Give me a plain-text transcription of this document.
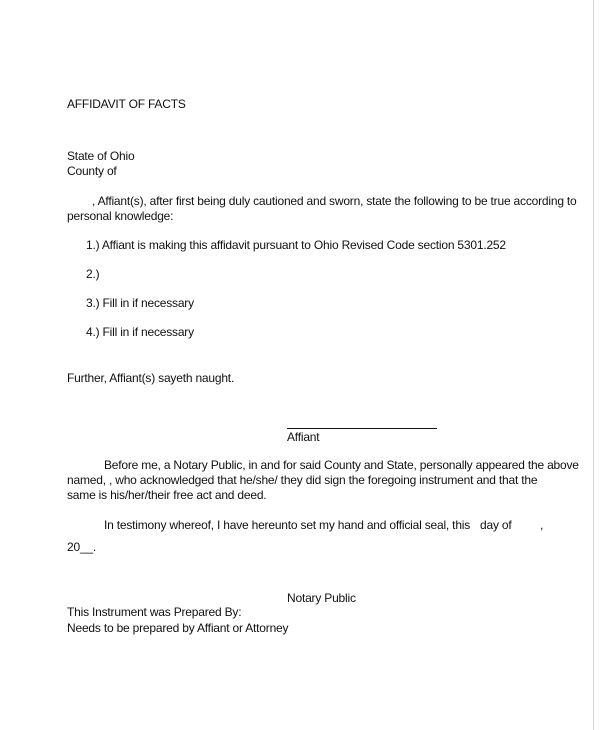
AFFIDAVIT OF FACTS
State of Ohio
County of
, Affiant(s), after first being duly cautioned and sworn, state the following to be true according to
personal knowledge:
1.) Affiant is making this affidavit pursuant to Ohio Revised Code section 5301.252
2.)
3.) Fill in if necessary
4.) Fill in if necessary
Further, Affiant(s) sayeth naught.
Affiant
Before me, a Notary Public, in and for said County and State, personally appeared the above
named, , who acknowledged that he/she/ they did sign the foregoing instrument and that the
same is his/her/their free act and deed.
In testimony whereof, I have hereunto set my hand and official seal, this day of ,
20__.
Notary Public
This Instrument was Prepared By:
Needs to be prepared by Affiant or Attorney
